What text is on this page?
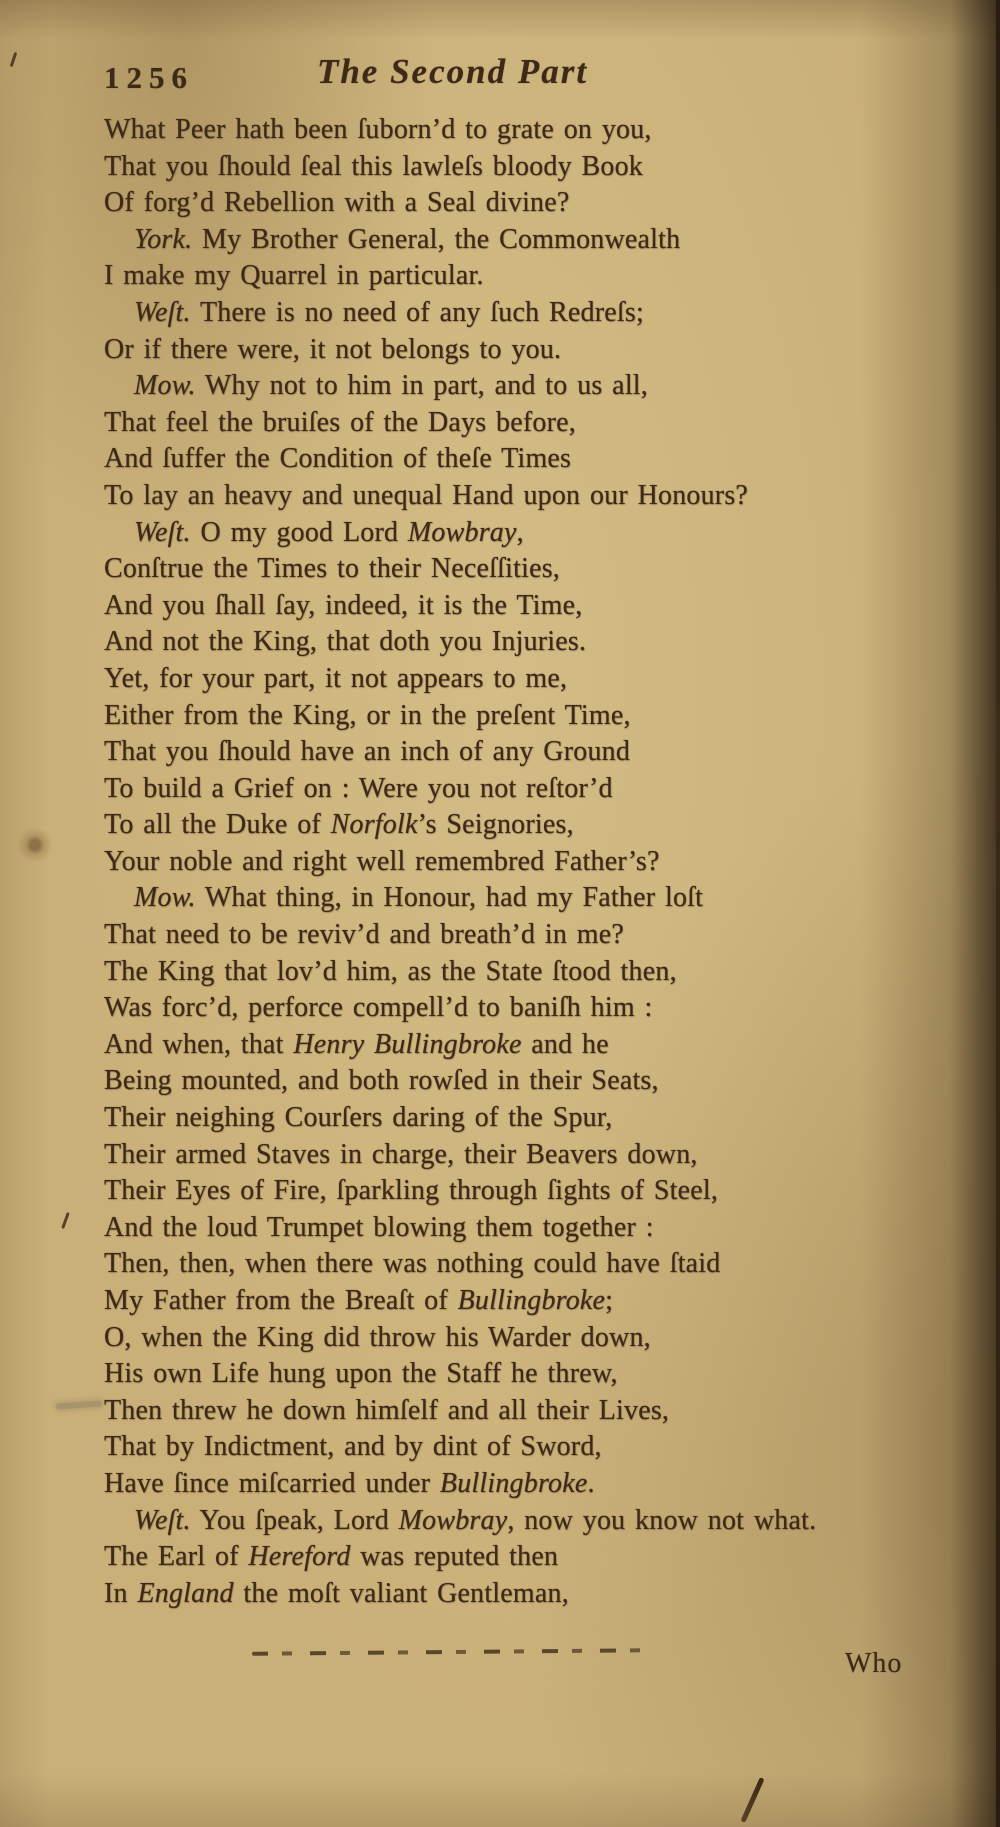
1256	The Second Part
What Peer hath been ſuborn’d to grate on you,
That you ſhould ſeal this lawleſs bloody Book
Of forg’d Rebellion with a Seal divine?
York. My Brother General, the Commonwealth
I make my Quarrel in particular.
Weſt. There is no need of any ſuch Redreſs;
Or if there were, it not belongs to you.
Mow. Why not to him in part, and to us all,
That feel the bruiſes of the Days before,
And ſuffer the Condition of theſe Times
To lay an heavy and unequal Hand upon our Honours?
Weſt. O my good Lord Mowbray,
Conſtrue the Times to their Neceſſities,
And you ſhall ſay, indeed, it is the Time,
And not the King, that doth you Injuries.
Yet, for your part, it not appears to me,
Either from the King, or in the preſent Time,
That you ſhould have an inch of any Ground
To build a Grief on : Were you not reſtor’d
To all the Duke of Norfolk’s Seignories,
Your noble and right well remembred Father’s?
Mow. What thing, in Honour, had my Father loſt
That need to be reviv’d and breath’d in me?
The King that lov’d him, as the State ſtood then,
Was forc’d, perforce compell’d to baniſh him :
And when, that Henry Bullingbroke and he
Being mounted, and both rowſed in their Seats,
Their neighing Courſers daring of the Spur,
Their armed Staves in charge, their Beavers down,
Their Eyes of Fire, ſparkling through ſights of Steel,
And the loud Trumpet blowing them together :
Then, then, when there was nothing could have ſtaid
My Father from the Breaſt of Bullingbroke;
O, when the King did throw his Warder down,
His own Life hung upon the Staff he threw,
Then threw he down himſelf and all their Lives,
That by Indictment, and by dint of Sword,
Have ſince miſcarried under Bullingbroke.
Weſt. You ſpeak, Lord Mowbray, now you know not what.
The Earl of Hereford was reputed then
In England the moſt valiant Gentleman,
Who
